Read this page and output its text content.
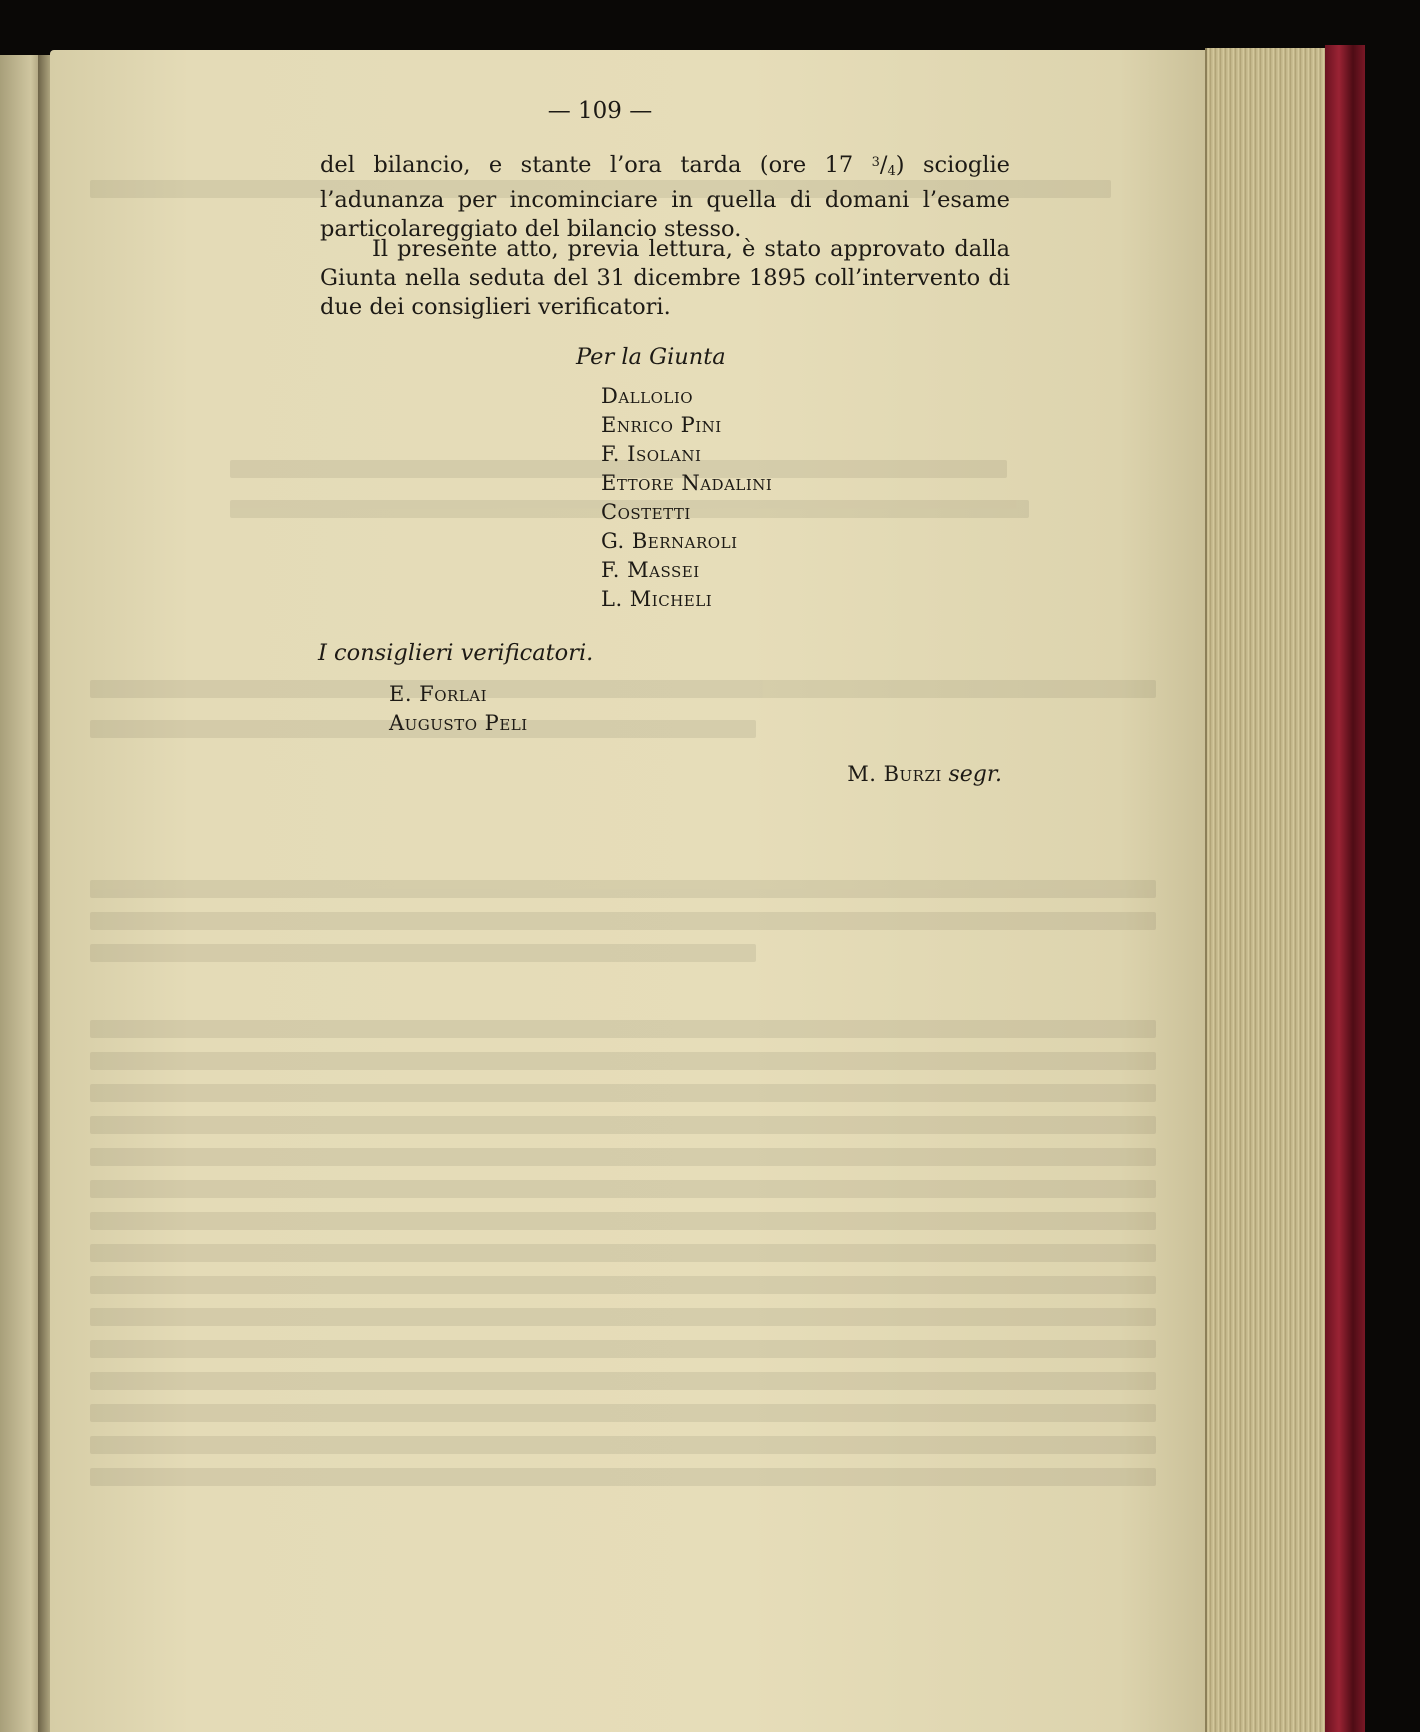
— 109 —

del bilancio, e stante l’ora tarda (ore 17 $^3$/4) scioglie l’adunanza per incominciare in quella di domani l’esame particolareggiato del bilancio stesso.

Il presente atto, previa lettura, è stato approvato dalla Giunta nella seduta del 31 dicembre 1895 coll’intervento di due dei consiglieri verificatori.

Per la Giunta
Dallolio
Enrico Pini
F. Isolani
Ettore Nadalini
Costetti
G. Bernaroli
F. Massei
L. Micheli
I consiglieri verificatori.
E. Forlai
Augusto Peli
M. Burzi segr.
